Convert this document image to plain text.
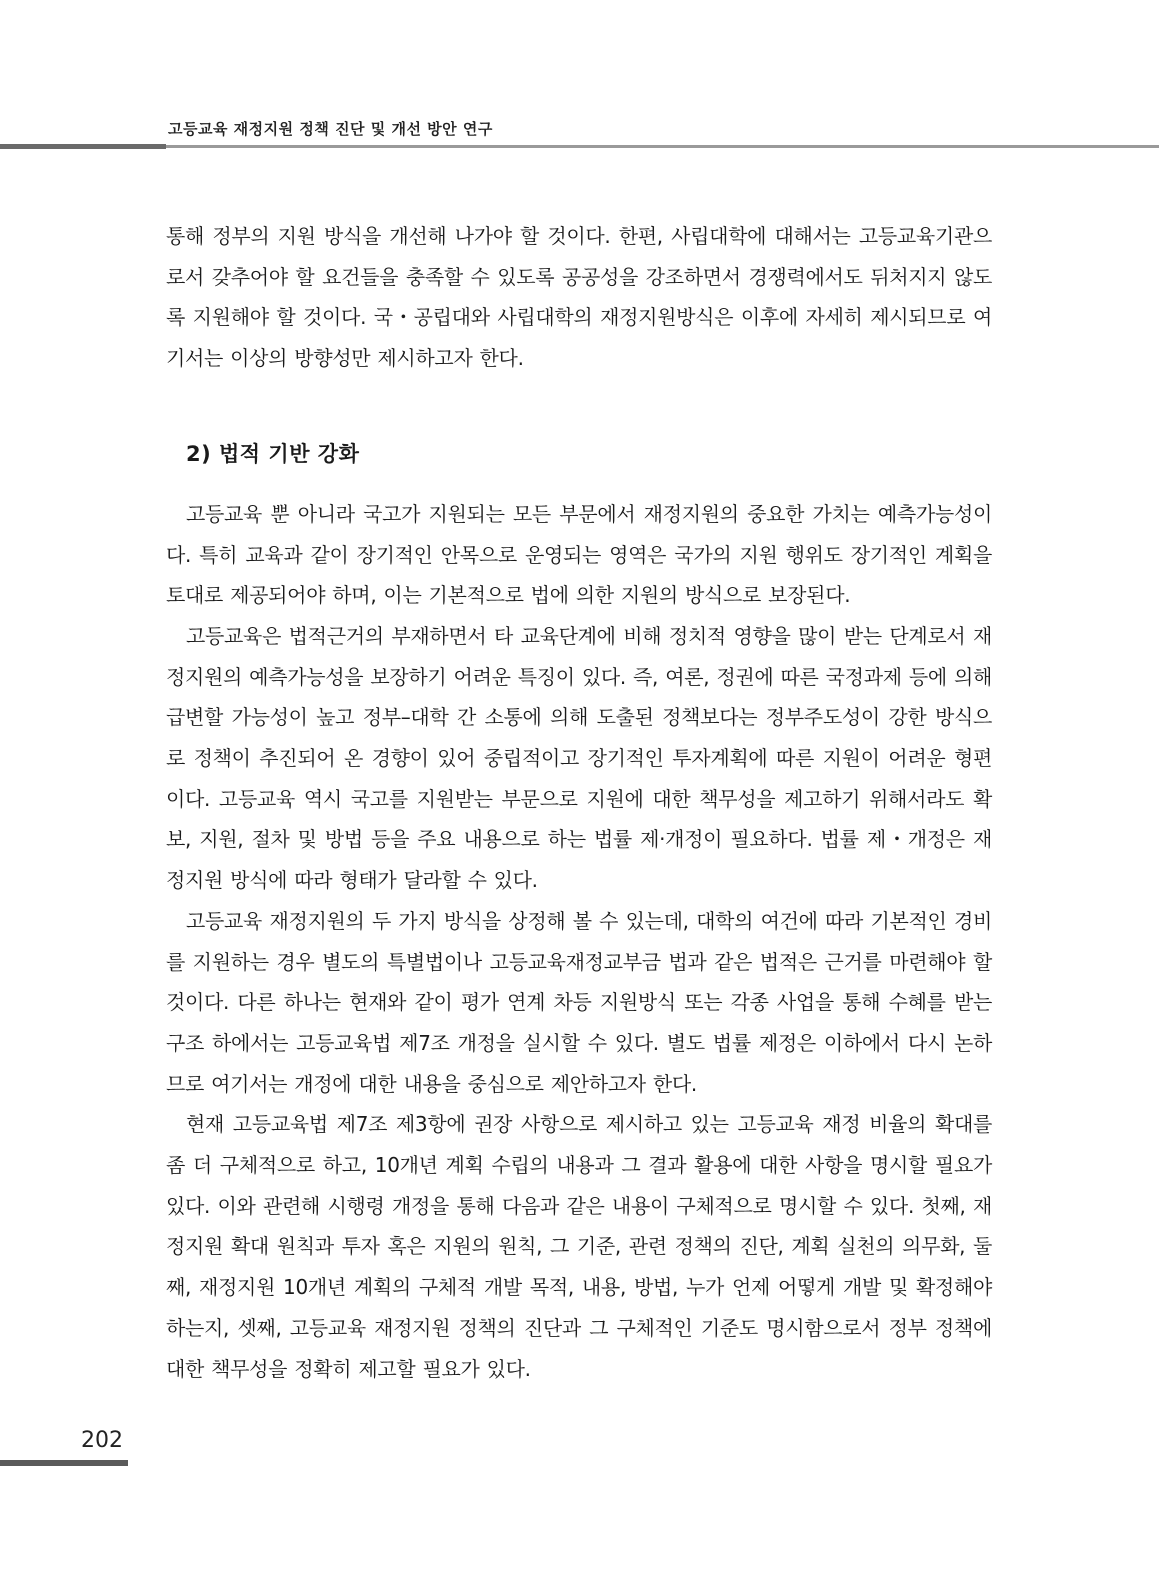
고등교육 재정지원 정책 진단 및 개선 방안 연구

통해 정부의 지원 방식을 개선해 나가야 할 것이다. 한편, 사립대학에 대해서는 고등교육기관으로서 갖추어야 할 요건들을 충족할 수 있도록 공공성을 강조하면서 경쟁력에서도 뒤처지지 않도록 지원해야 할 것이다. 국・공립대와 사립대학의 재정지원방식은 이후에 자세히 제시되므로 여기서는 이상의 방향성만 제시하고자 한다.

2) 법적 기반 강화

고등교육 뿐 아니라 국고가 지원되는 모든 부문에서 재정지원의 중요한 가치는 예측가능성이다. 특히 교육과 같이 장기적인 안목으로 운영되는 영역은 국가의 지원 행위도 장기적인 계획을 토대로 제공되어야 하며, 이는 기본적으로 법에 의한 지원의 방식으로 보장된다.

고등교육은 법적근거의 부재하면서 타 교육단계에 비해 정치적 영향을 많이 받는 단계로서 재정지원의 예측가능성을 보장하기 어려운 특징이 있다. 즉, 여론, 정권에 따른 국정과제 등에 의해 급변할 가능성이 높고 정부–대학 간 소통에 의해 도출된 정책보다는 정부주도성이 강한 방식으로 정책이 추진되어 온 경향이 있어 중립적이고 장기적인 투자계획에 따른 지원이 어려운 형편이다. 고등교육 역시 국고를 지원받는 부문으로 지원에 대한 책무성을 제고하기 위해서라도 확보, 지원, 절차 및 방법 등을 주요 내용으로 하는 법률 제·개정이 필요하다. 법률 제・개정은 재정지원 방식에 따라 형태가 달라할 수 있다.

고등교육 재정지원의 두 가지 방식을 상정해 볼 수 있는데, 대학의 여건에 따라 기본적인 경비를 지원하는 경우 별도의 특별법이나 고등교육재정교부금 법과 같은 법적은 근거를 마련해야 할 것이다. 다른 하나는 현재와 같이 평가 연계 차등 지원방식 또는 각종 사업을 통해 수혜를 받는 구조 하에서는 고등교육법 제7조 개정을 실시할 수 있다. 별도 법률 제정은 이하에서 다시 논하므로 여기서는 개정에 대한 내용을 중심으로 제안하고자 한다.

현재 고등교육법 제7조 제3항에 권장 사항으로 제시하고 있는 고등교육 재정 비율의 확대를 좀 더 구체적으로 하고, 10개년 계획 수립의 내용과 그 결과 활용에 대한 사항을 명시할 필요가 있다. 이와 관련해 시행령 개정을 통해 다음과 같은 내용이 구체적으로 명시할 수 있다. 첫째, 재정지원 확대 원칙과 투자 혹은 지원의 원칙, 그 기준, 관련 정책의 진단, 계획 실천의 의무화, 둘째, 재정지원 10개년 계획의 구체적 개발 목적, 내용, 방법, 누가 언제 어떻게 개발 및 확정해야 하는지, 셋째, 고등교육 재정지원 정책의 진단과 그 구체적인 기준도 명시함으로서 정부 정책에 대한 책무성을 정확히 제고할 필요가 있다.

202
